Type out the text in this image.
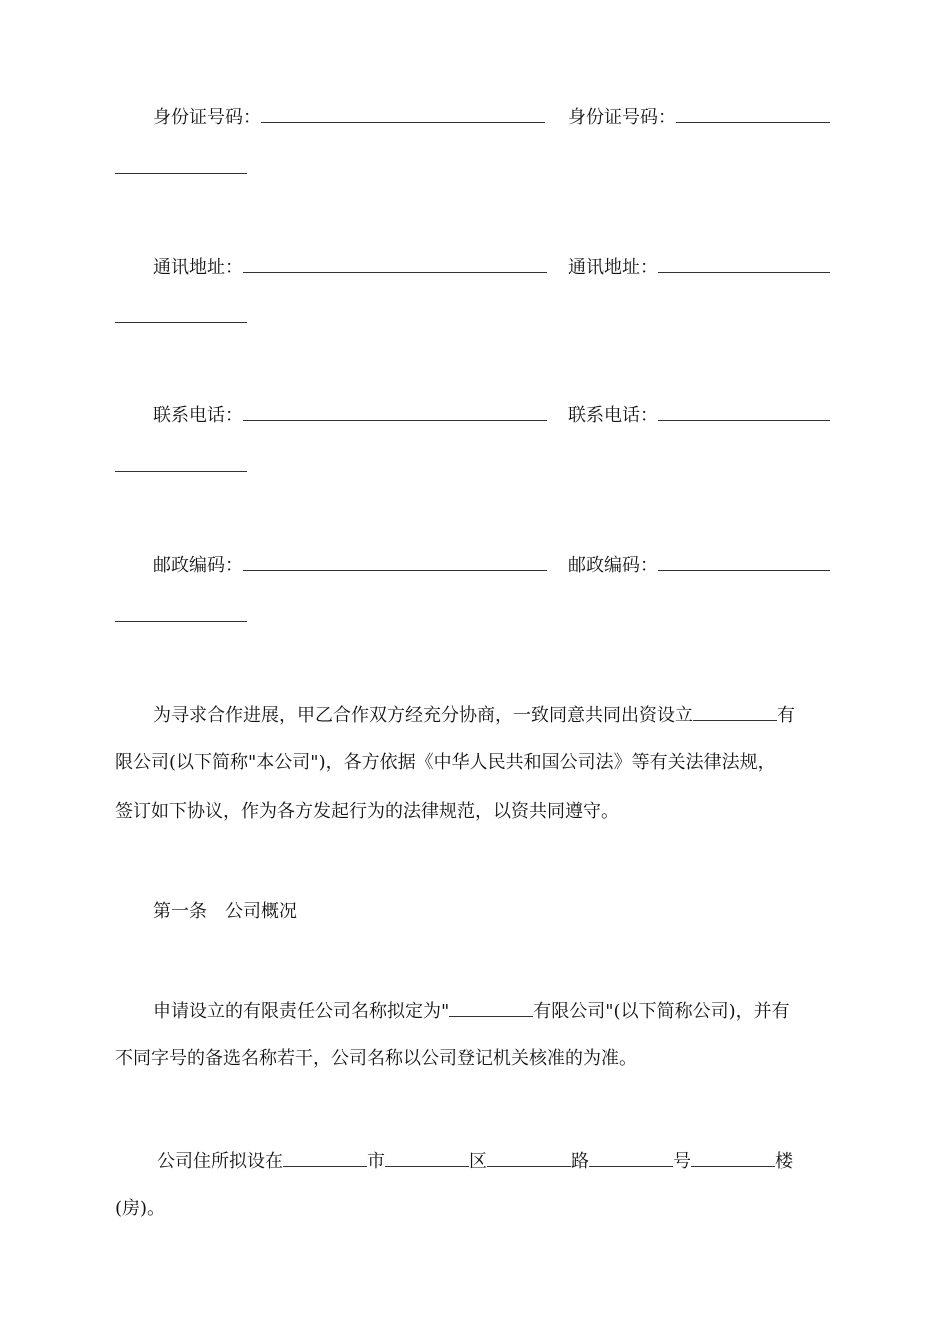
身份证号码：	身份证号码：
通讯地址：	通讯地址：
联系电话：	联系电话：
邮政编码：	邮政编码：
为寻求合作进展，甲乙合作双方经充分协商，一致同意共同出资设立	有
限公司(以下简称"本公司")，各方依据《中华人民共和国公司法》等有关法律法规，
签订如下协议，作为各方发起行为的法律规范，以资共同遵守。
第一条　公司概况
申请设立的有限责任公司名称拟定为"	有限公司"(以下简称公司)，并有
不同字号的备选名称若干，公司名称以公司登记机关核准的为准。
公司住所拟设在	市	区	路	号	楼
(房)。
